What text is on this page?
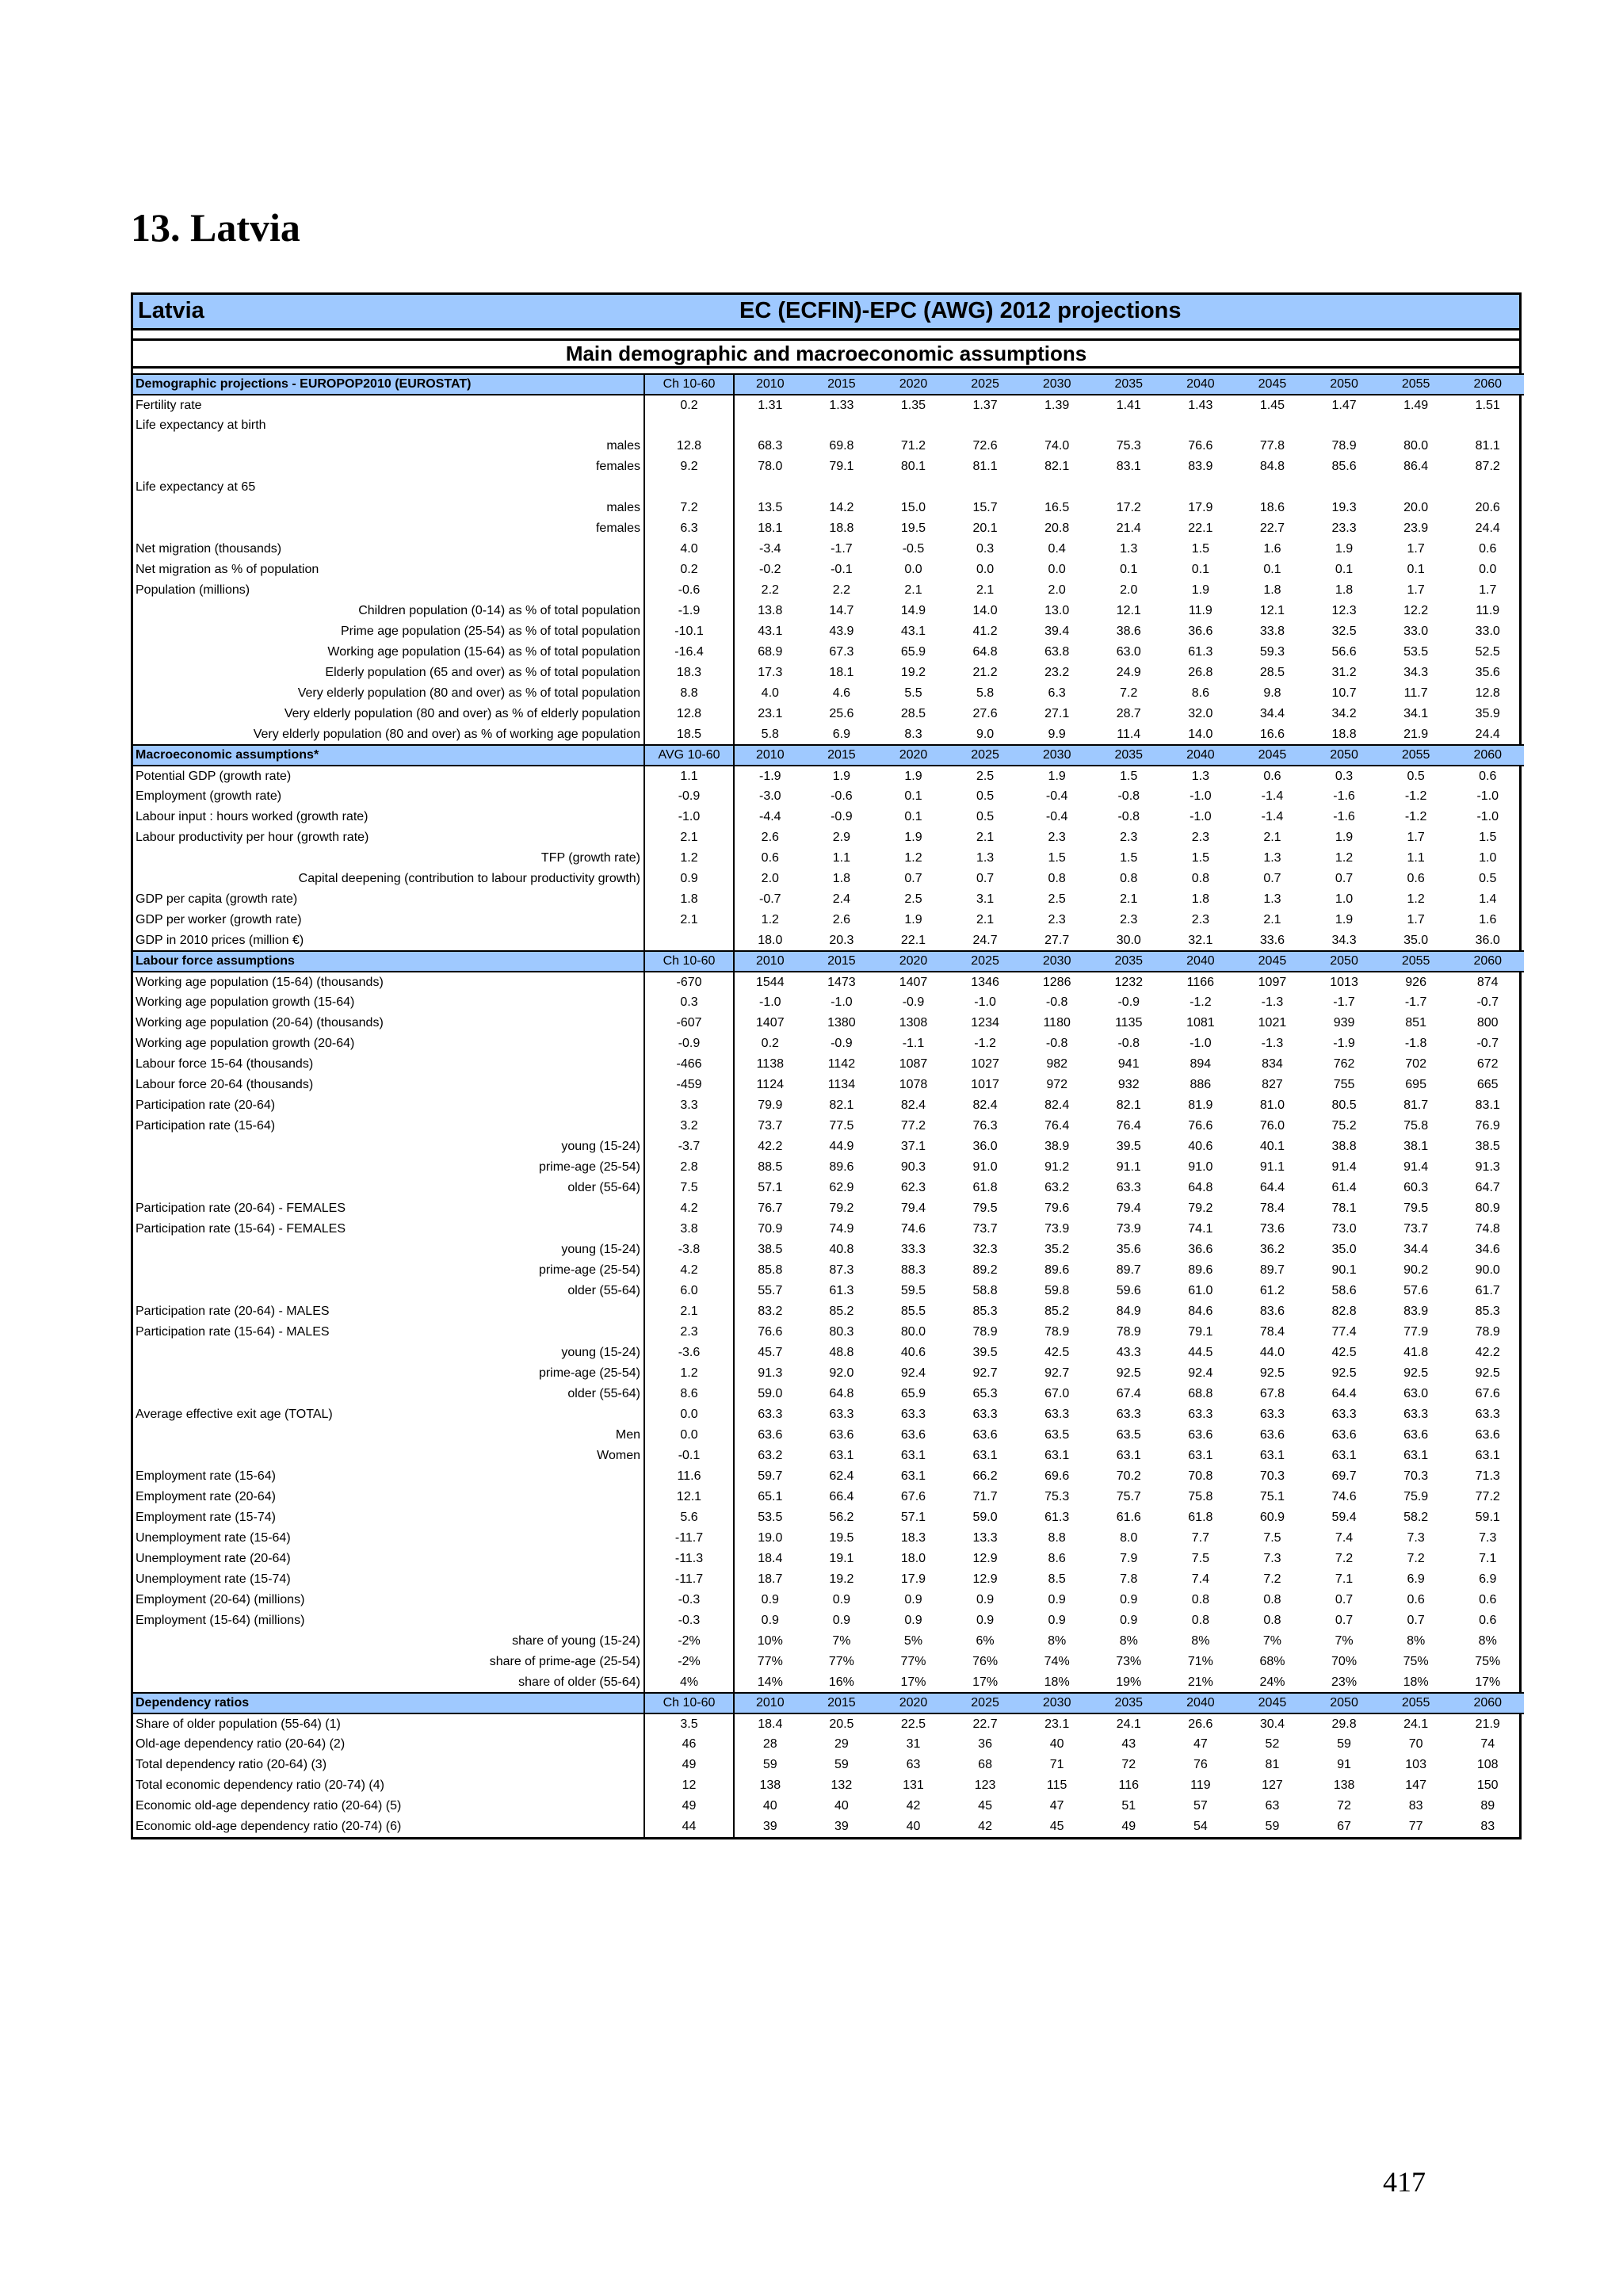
13. Latvia
Latvia	EC (ECFIN)-EPC (AWG) 2012 projections
Main demographic and macroeconomic assumptions
Demographic projections - EUROPOP2010 (EUROSTAT)	Ch 10-60	2010	2015	2020	2025	2030	2035	2040	2045	2050	2055	2060
Fertility rate	0.2	1.31	1.33	1.35	1.37	1.39	1.41	1.43	1.45	1.47	1.49	1.51
Life expectancy at birth												
males	12.8	68.3	69.8	71.2	72.6	74.0	75.3	76.6	77.8	78.9	80.0	81.1
females	9.2	78.0	79.1	80.1	81.1	82.1	83.1	83.9	84.8	85.6	86.4	87.2
Life expectancy at 65												
males	7.2	13.5	14.2	15.0	15.7	16.5	17.2	17.9	18.6	19.3	20.0	20.6
females	6.3	18.1	18.8	19.5	20.1	20.8	21.4	22.1	22.7	23.3	23.9	24.4
Net migration (thousands)	4.0	-3.4	-1.7	-0.5	0.3	0.4	1.3	1.5	1.6	1.9	1.7	0.6
Net migration as % of population	0.2	-0.2	-0.1	0.0	0.0	0.0	0.1	0.1	0.1	0.1	0.1	0.0
Population (millions)	-0.6	2.2	2.2	2.1	2.1	2.0	2.0	1.9	1.8	1.8	1.7	1.7
Children population (0-14) as % of total population	-1.9	13.8	14.7	14.9	14.0	13.0	12.1	11.9	12.1	12.3	12.2	11.9
Prime age population (25-54) as % of total population	-10.1	43.1	43.9	43.1	41.2	39.4	38.6	36.6	33.8	32.5	33.0	33.0
Working age population (15-64) as % of total population	-16.4	68.9	67.3	65.9	64.8	63.8	63.0	61.3	59.3	56.6	53.5	52.5
Elderly population (65 and over) as % of total population	18.3	17.3	18.1	19.2	21.2	23.2	24.9	26.8	28.5	31.2	34.3	35.6
Very elderly population (80 and over) as % of total population	8.8	4.0	4.6	5.5	5.8	6.3	7.2	8.6	9.8	10.7	11.7	12.8
Very elderly population (80 and over) as % of elderly population	12.8	23.1	25.6	28.5	27.6	27.1	28.7	32.0	34.4	34.2	34.1	35.9
Very elderly population (80 and over) as % of working age population	18.5	5.8	6.9	8.3	9.0	9.9	11.4	14.0	16.6	18.8	21.9	24.4
Macroeconomic assumptions*	AVG 10-60	2010	2015	2020	2025	2030	2035	2040	2045	2050	2055	2060
Potential GDP (growth rate)	1.1	-1.9	1.9	1.9	2.5	1.9	1.5	1.3	0.6	0.3	0.5	0.6
Employment (growth rate)	-0.9	-3.0	-0.6	0.1	0.5	-0.4	-0.8	-1.0	-1.4	-1.6	-1.2	-1.0
Labour input : hours worked (growth rate)	-1.0	-4.4	-0.9	0.1	0.5	-0.4	-0.8	-1.0	-1.4	-1.6	-1.2	-1.0
Labour productivity per hour (growth rate)	2.1	2.6	2.9	1.9	2.1	2.3	2.3	2.3	2.1	1.9	1.7	1.5
TFP (growth rate)	1.2	0.6	1.1	1.2	1.3	1.5	1.5	1.5	1.3	1.2	1.1	1.0
Capital deepening (contribution to labour productivity growth)	0.9	2.0	1.8	0.7	0.7	0.8	0.8	0.8	0.7	0.7	0.6	0.5
GDP per capita (growth rate)	1.8	-0.7	2.4	2.5	3.1	2.5	2.1	1.8	1.3	1.0	1.2	1.4
GDP per worker (growth rate)	2.1	1.2	2.6	1.9	2.1	2.3	2.3	2.3	2.1	1.9	1.7	1.6
GDP in 2010 prices (million €)		18.0	20.3	22.1	24.7	27.7	30.0	32.1	33.6	34.3	35.0	36.0
Labour force assumptions	Ch 10-60	2010	2015	2020	2025	2030	2035	2040	2045	2050	2055	2060
Working age population (15-64) (thousands)	-670	1544	1473	1407	1346	1286	1232	1166	1097	1013	926	874
Working age population growth (15-64)	0.3	-1.0	-1.0	-0.9	-1.0	-0.8	-0.9	-1.2	-1.3	-1.7	-1.7	-0.7
Working age population (20-64) (thousands)	-607	1407	1380	1308	1234	1180	1135	1081	1021	939	851	800
Working age population growth (20-64)	-0.9	0.2	-0.9	-1.1	-1.2	-0.8	-0.8	-1.0	-1.3	-1.9	-1.8	-0.7
Labour force 15-64 (thousands)	-466	1138	1142	1087	1027	982	941	894	834	762	702	672
Labour force 20-64 (thousands)	-459	1124	1134	1078	1017	972	932	886	827	755	695	665
Participation rate (20-64)	3.3	79.9	82.1	82.4	82.4	82.4	82.1	81.9	81.0	80.5	81.7	83.1
Participation rate (15-64)	3.2	73.7	77.5	77.2	76.3	76.4	76.4	76.6	76.0	75.2	75.8	76.9
young (15-24)	-3.7	42.2	44.9	37.1	36.0	38.9	39.5	40.6	40.1	38.8	38.1	38.5
prime-age (25-54)	2.8	88.5	89.6	90.3	91.0	91.2	91.1	91.0	91.1	91.4	91.4	91.3
older (55-64)	7.5	57.1	62.9	62.3	61.8	63.2	63.3	64.8	64.4	61.4	60.3	64.7
Participation rate (20-64) - FEMALES	4.2	76.7	79.2	79.4	79.5	79.6	79.4	79.2	78.4	78.1	79.5	80.9
Participation rate (15-64) - FEMALES	3.8	70.9	74.9	74.6	73.7	73.9	73.9	74.1	73.6	73.0	73.7	74.8
young (15-24)	-3.8	38.5	40.8	33.3	32.3	35.2	35.6	36.6	36.2	35.0	34.4	34.6
prime-age (25-54)	4.2	85.8	87.3	88.3	89.2	89.6	89.7	89.6	89.7	90.1	90.2	90.0
older (55-64)	6.0	55.7	61.3	59.5	58.8	59.8	59.6	61.0	61.2	58.6	57.6	61.7
Participation rate (20-64) - MALES	2.1	83.2	85.2	85.5	85.3	85.2	84.9	84.6	83.6	82.8	83.9	85.3
Participation rate (15-64) - MALES	2.3	76.6	80.3	80.0	78.9	78.9	78.9	79.1	78.4	77.4	77.9	78.9
young (15-24)	-3.6	45.7	48.8	40.6	39.5	42.5	43.3	44.5	44.0	42.5	41.8	42.2
prime-age (25-54)	1.2	91.3	92.0	92.4	92.7	92.7	92.5	92.4	92.5	92.5	92.5	92.5
older (55-64)	8.6	59.0	64.8	65.9	65.3	67.0	67.4	68.8	67.8	64.4	63.0	67.6
Average effective exit age (TOTAL)	0.0	63.3	63.3	63.3	63.3	63.3	63.3	63.3	63.3	63.3	63.3	63.3
Men	0.0	63.6	63.6	63.6	63.6	63.5	63.5	63.6	63.6	63.6	63.6	63.6
Women	-0.1	63.2	63.1	63.1	63.1	63.1	63.1	63.1	63.1	63.1	63.1	63.1
Employment rate (15-64)	11.6	59.7	62.4	63.1	66.2	69.6	70.2	70.8	70.3	69.7	70.3	71.3
Employment rate (20-64)	12.1	65.1	66.4	67.6	71.7	75.3	75.7	75.8	75.1	74.6	75.9	77.2
Employment rate (15-74)	5.6	53.5	56.2	57.1	59.0	61.3	61.6	61.8	60.9	59.4	58.2	59.1
Unemployment rate (15-64)	-11.7	19.0	19.5	18.3	13.3	8.8	8.0	7.7	7.5	7.4	7.3	7.3
Unemployment rate (20-64)	-11.3	18.4	19.1	18.0	12.9	8.6	7.9	7.5	7.3	7.2	7.2	7.1
Unemployment rate (15-74)	-11.7	18.7	19.2	17.9	12.9	8.5	7.8	7.4	7.2	7.1	6.9	6.9
Employment (20-64) (millions)	-0.3	0.9	0.9	0.9	0.9	0.9	0.9	0.8	0.8	0.7	0.6	0.6
Employment (15-64) (millions)	-0.3	0.9	0.9	0.9	0.9	0.9	0.9	0.8	0.8	0.7	0.7	0.6
share of young (15-24)	-2%	10%	7%	5%	6%	8%	8%	8%	7%	7%	8%	8%
share of prime-age (25-54)	-2%	77%	77%	77%	76%	74%	73%	71%	68%	70%	75%	75%
share of older (55-64)	4%	14%	16%	17%	17%	18%	19%	21%	24%	23%	18%	17%
Dependency ratios	Ch 10-60	2010	2015	2020	2025	2030	2035	2040	2045	2050	2055	2060
Share of older population (55-64) (1)	3.5	18.4	20.5	22.5	22.7	23.1	24.1	26.6	30.4	29.8	24.1	21.9
Old-age dependency ratio (20-64) (2)	46	28	29	31	36	40	43	47	52	59	70	74
Total dependency ratio (20-64) (3)	49	59	59	63	68	71	72	76	81	91	103	108
Total economic dependency ratio (20-74) (4)	12	138	132	131	123	115	116	119	127	138	147	150
Economic old-age dependency ratio (20-64) (5)	49	40	40	42	45	47	51	57	63	72	83	89
Economic old-age dependency ratio (20-74) (6)	44	39	39	40	42	45	49	54	59	67	77	83
417
